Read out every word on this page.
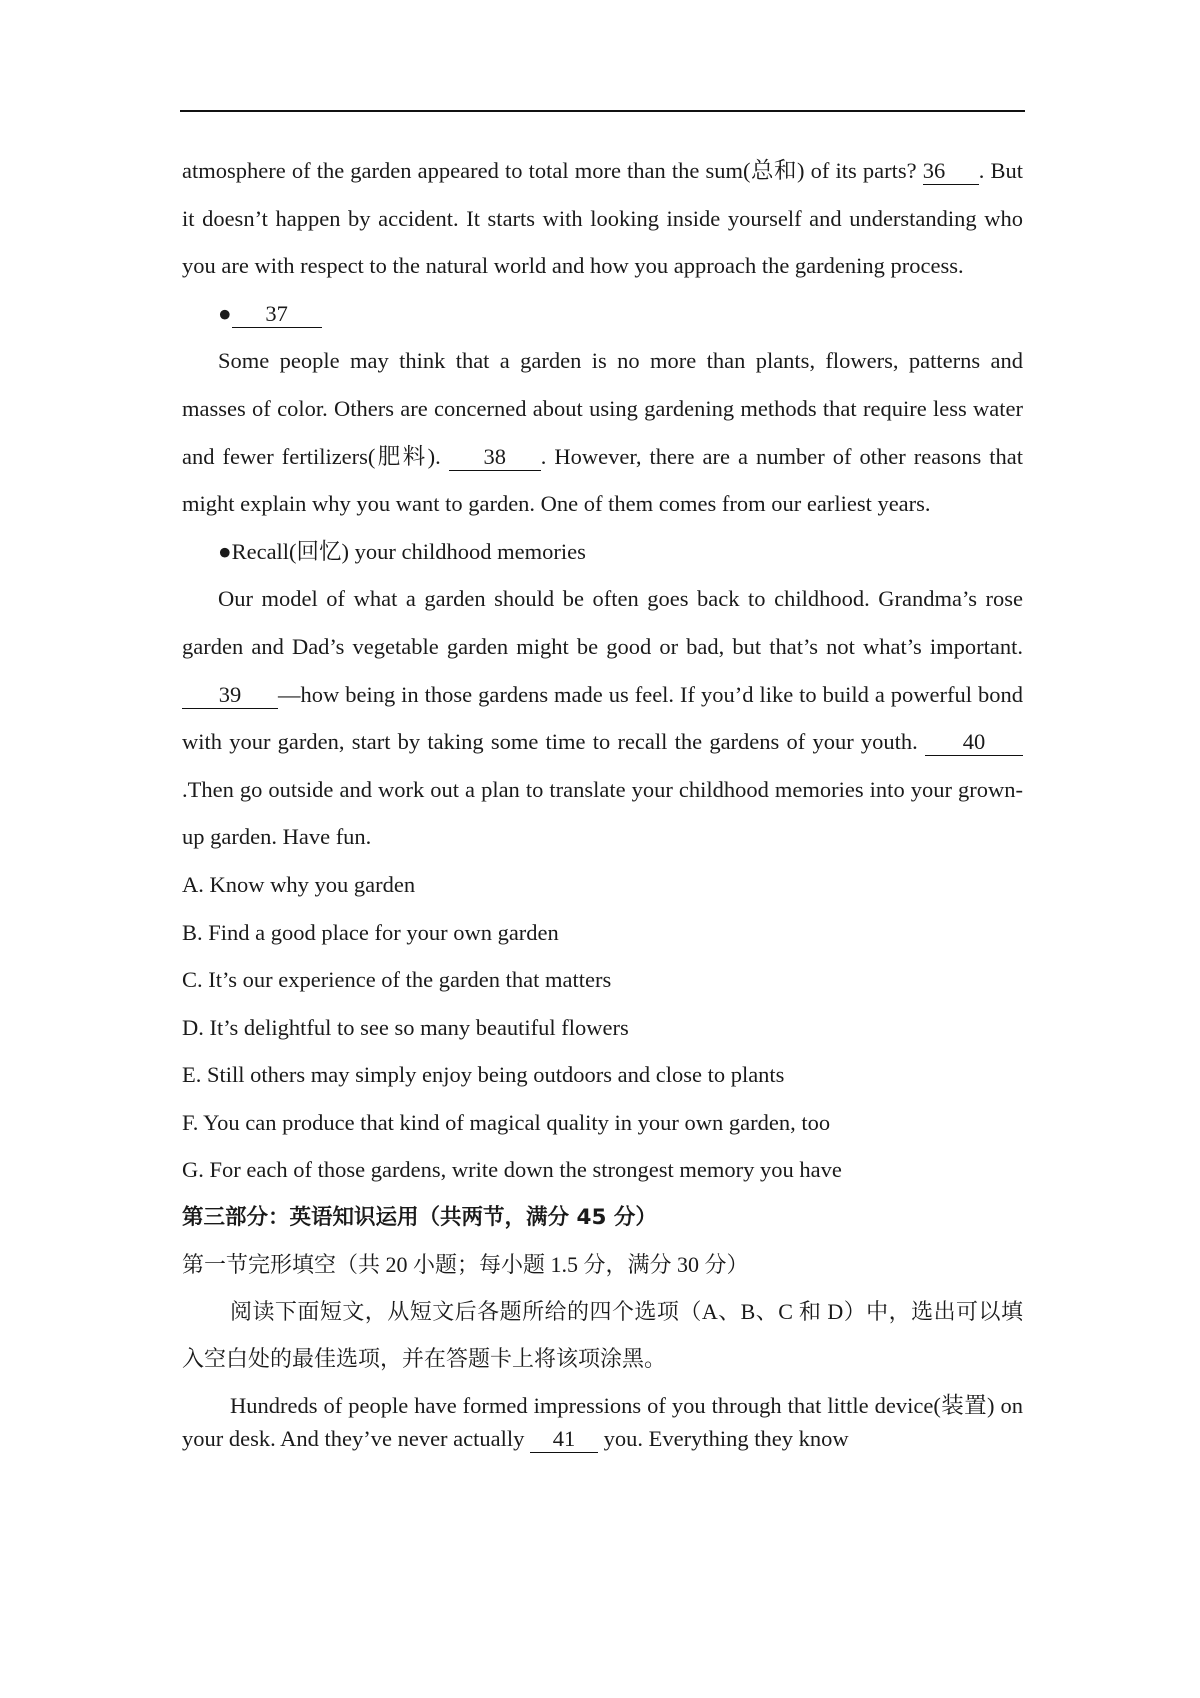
atmosphere of the garden appeared to total more than the sum(总和) of its parts? 36 . But it doesn’t happen by accident. It starts with looking inside yourself and understanding who you are with respect to the natural world and how you approach the gardening process.

● 37

Some people may think that a garden is no more than plants, flowers, patterns and masses of color. Others are concerned about using gardening methods that require less water and fewer fertilizers(肥料). 38 . However, there are a number of other reasons that might explain why you want to garden. One of them comes from our earliest years.

●Recall(回忆) your childhood memories

Our model of what a garden should be often goes back to childhood. Grandma’s rose garden and Dad’s vegetable garden might be good or bad, but that’s not what’s important. 39 —how being in those gardens made us feel. If you’d like to build a powerful bond with your garden, start by taking some time to recall the gardens of your youth. 40.Then go outside and work out a plan to translate your childhood memories into your grown-up garden. Have fun.

A. Know why you garden

B. Find a good place for your own garden

C. It’s our experience of the garden that matters

D. It’s delightful to see so many beautiful flowers

E. Still others may simply enjoy being outdoors and close to plants

F. You can produce that kind of magical quality in your own garden, too

G. For each of those gardens, write down the strongest memory you have

第三部分：英语知识运用（共两节，满分 45 分）

第一节完形填空（共 20 小题；每小题 1.5 分，满分 30 分）

阅读下面短文，从短文后各题所给的四个选项（A、B、C 和 D）中，选出可以填入空白处的最佳选项，并在答题卡上将该项涂黑。

Hundreds of people have formed impressions of you through that little device(装置) on your desk. And they’ve never actually 41 you. Everything they know
